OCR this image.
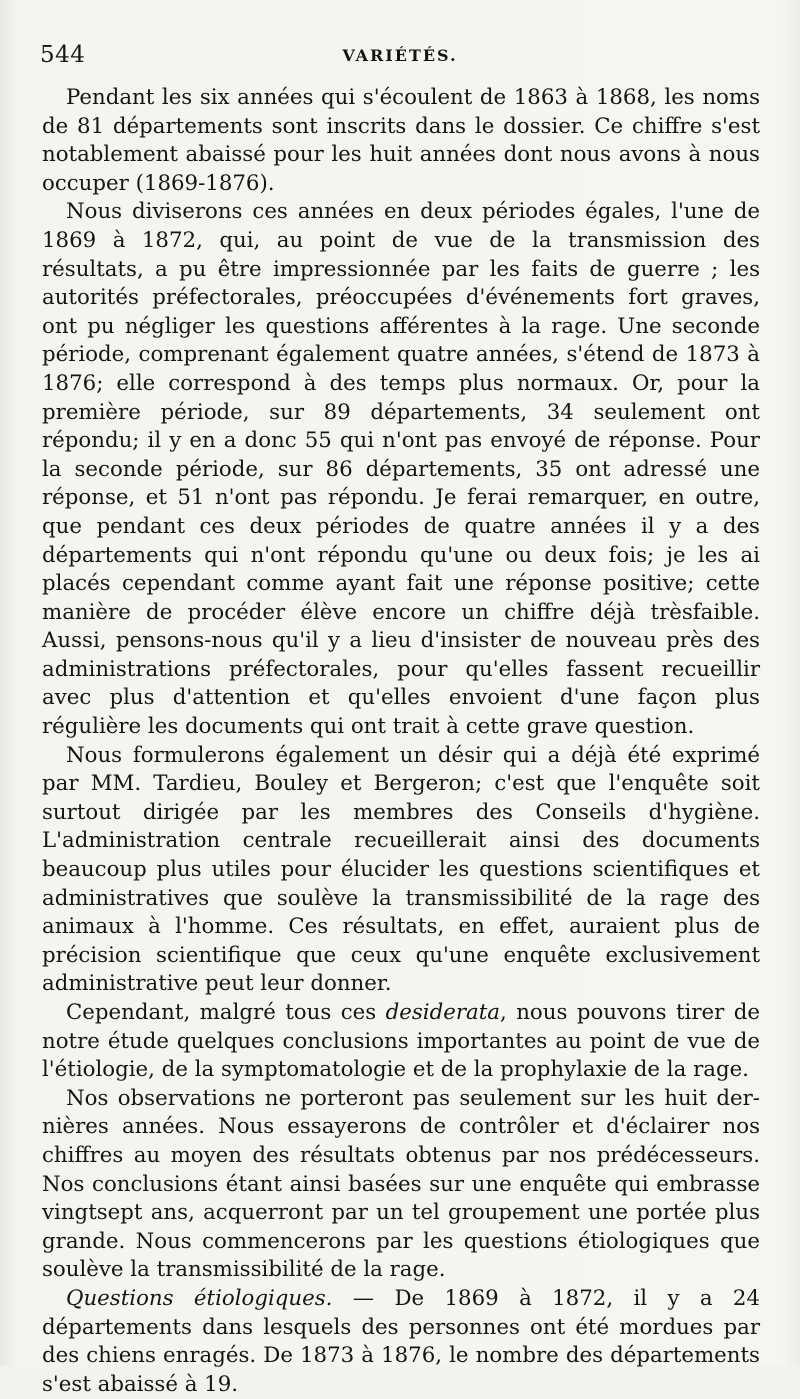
544	VARIÉTÉS.

Pendant les six années qui s'écoulent de 1863 à 1868, les noms de 81 départements sont inscrits dans le dossier. Ce chiffre s'est notablement abaissé pour les huit années dont nous avons à nous occuper (1869-1876).

Nous diviserons ces années en deux périodes égales, l'une de 1869 à 1872, qui, au point de vue de la transmission des résultats, a pu être impressionnée par les faits de guerre ; les autorités préfectorales, préoccupées d'événements fort graves, ont pu négliger les questions afférentes à la rage. Une seconde période, comprenant également quatre années, s'étend de 1873 à 1876; elle correspond à des temps plus normaux. Or, pour la première période, sur 89 départements, 34 seulement ont répondu; il y en a donc 55 qui n'ont pas envoyé de réponse. Pour la seconde période, sur 86 départements, 35 ont adressé une réponse, et 51 n'ont pas répondu. Je ferai remarquer, en outre, que pendant ces deux périodes de quatre années il y a des départements qui n'ont répondu qu'une ou deux fois; je les ai placés cependant comme ayant fait une réponse positive; cette manière de procéder élève encore un chiffre déjà trèsfaible. Aussi, pensons-nous qu'il y a lieu d'insister de nouveau près des administrations préfectorales, pour qu'elles fassent recueillir avec plus d'attention et qu'elles envoient d'une façon plus régulière les documents qui ont trait à cette grave question.

Nous formulerons également un désir qui a déjà été exprimé par MM. Tardieu, Bouley et Bergeron; c'est que l'enquête soit surtout dirigée par les membres des Conseils d'hygiène. L'administration centrale recueillerait ainsi des documents beaucoup plus utiles pour élucider les questions scientifiques et administratives que soulève la transmissibilité de la rage des animaux à l'homme. Ces résultats, en effet, auraient plus de précision scientifique que ceux qu'une enquête exclusivement administrative peut leur donner.

Cependant, malgré tous ces desiderata, nous pouvons tirer de notre étude quelques conclusions importantes au point de vue de l'étiologie, de la symptomatologie et de la prophylaxie de la rage.

Nos observations ne porteront pas seulement sur les huit dernières années. Nous essayerons de contrôler et d'éclairer nos chiffres au moyen des résultats obtenus par nos prédécesseurs. Nos conclusions étant ainsi basées sur une enquête qui embrasse vingtsept ans, acquerront par un tel groupement une portée plus grande. Nous commencerons par les questions étiologiques que soulève la transmissibilité de la rage.

Questions étiologiques. — De 1869 à 1872, il y a 24 départements dans lesquels des personnes ont été mordues par des chiens enragés. De 1873 à 1876, le nombre des départements s'est abaissé à 19.
